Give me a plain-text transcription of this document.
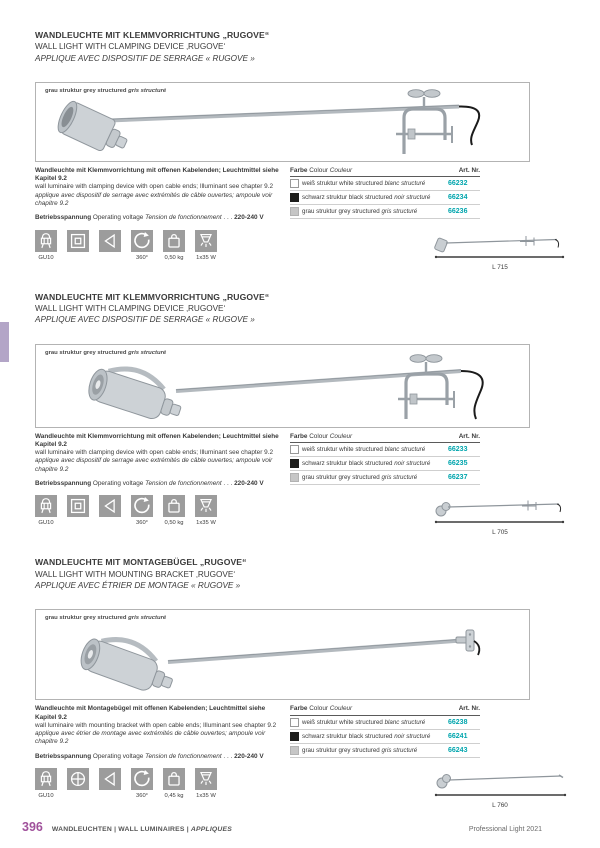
WANDLEUCHTE MIT KLEMMVORRICHTUNG „RUGOVE“
WALL LIGHT WITH CLAMPING DEVICE ‚RUGOVE‘
APPLIQUE AVEC DISPOSITIF DE SERRAGE « RUGOVE »
grau struktur grey structured gris structuré
Wandleuchte mit Klemmvorrichtung mit offenen Kabelenden; Leuchtmittel siehe Kapitel 9.2
wall luminaire with clamping device with open cable ends; Illuminant see chapter 9.2
applique avec dispositif de serrage avec extrémités de câble ouvertes; ampoule voir chapitre 9.2
Betriebsspannung Operating voltage Tension de fonctionnement . . . 220-240 V
Farbe
Colour
Couleur	Art. Nr.
weiß struktur
white structured
blanc structuré	66232
schwarz struktur
black structured
noir structuré	66234
grau struktur
grey structured
gris structuré	66236
GU10	360°	0,50 kg 1x35 W
L 715
WANDLEUCHTE MIT KLEMMVORRICHTUNG „RUGOVE“
WALL LIGHT WITH CLAMPING DEVICE ‚RUGOVE‘
APPLIQUE AVEC DISPOSITIF DE SERRAGE « RUGOVE »
grau struktur grey structured gris structuré
Wandleuchte mit Klemmvorrichtung mit offenen Kabelenden; Leuchtmittel siehe Kapitel 9.2
wall luminaire with clamping device with open cable ends; Illuminant see chapter 9.2
applique avec dispositif de serrage avec extrémités de câble ouvertes; ampoule voir chapitre 9.2
Betriebsspannung Operating voltage Tension de fonctionnement . . . 220-240 V
Farbe
Colour
Couleur	Art. Nr.
weiß struktur
white structured
blanc structuré	66233
schwarz struktur
black structured
noir structuré	66235
grau struktur
grey structured
gris structuré	66237
GU10	360°	0,50 kg 1x35 W
L 705
WANDLEUCHTE MIT MONTAGEBÜGEL „RUGOVE“
WALL LIGHT WITH MOUNTING BRACKET ‚RUGOVE‘
APPLIQUE AVEC ÉTRIER DE MONTAGE « RUGOVE »
grau struktur grey structured gris structuré
Wandleuchte mit Montagebügel mit offenen Kabelenden; Leuchtmittel siehe Kapitel 9.2
wall luminaire with mounting bracket with open cable ends; Illuminant see chapter 9.2
applique avec étrier de montage avec extrémités de câble ouvertes; ampoule voir chapitre 9.2
Betriebsspannung Operating voltage Tension de fonctionnement . . . 220-240 V
Farbe
Colour
Couleur	Art. Nr.
weiß struktur
white structured
blanc structuré	66238
schwarz struktur
black structured
noir structuré	66241
grau struktur
grey structured
gris structuré	66243
GU10	360°	0,45 kg 1x35 W
L 760
396 WANDLEUCHTEN | WALL LUMINAIRES | APPLIQUES	Professional Light 2021
